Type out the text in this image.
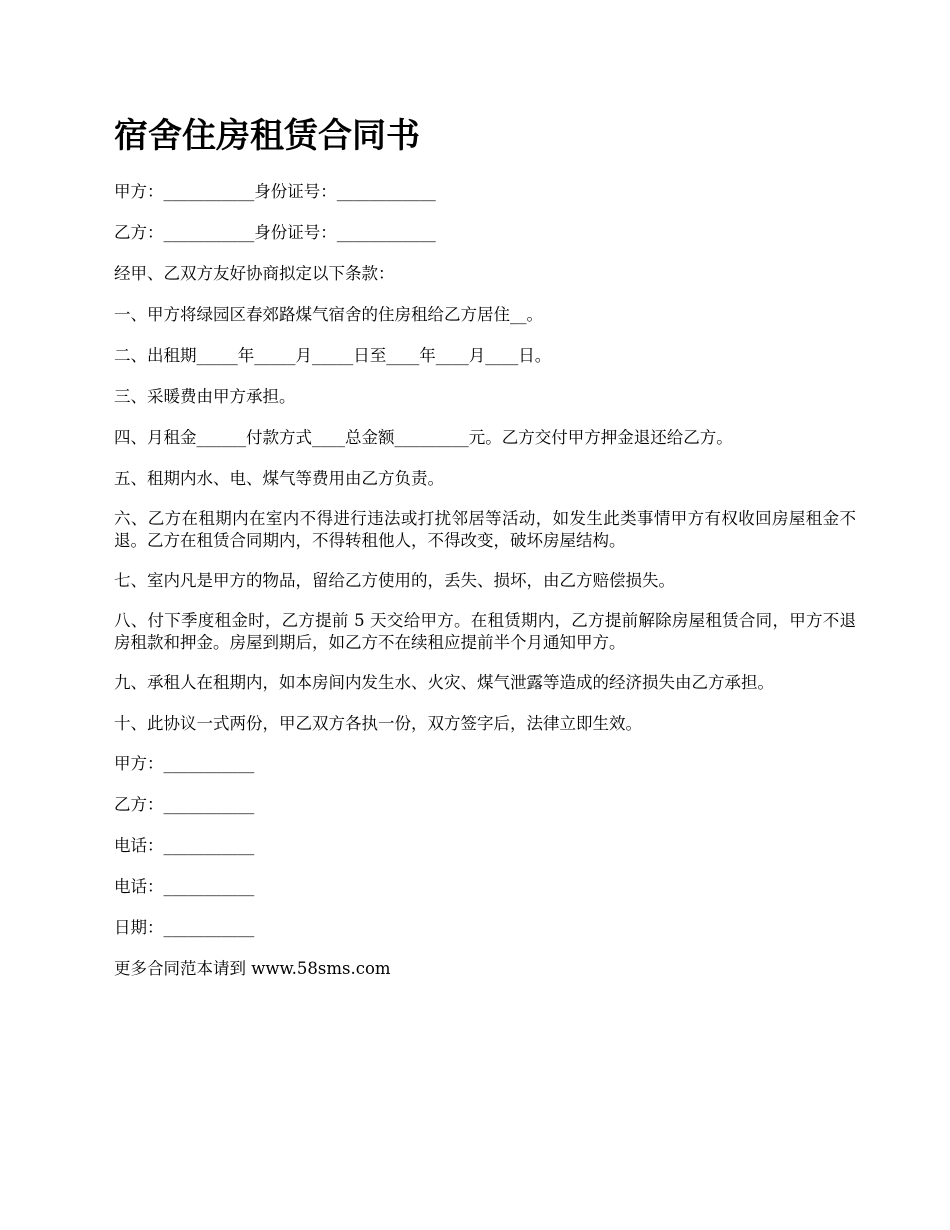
宿舍住房租赁合同书

甲方：___________身份证号：____________

乙方：___________身份证号：____________

经甲、乙双方友好协商拟定以下条款：

一、甲方将绿园区春郊路煤气宿舍的住房租给乙方居住__。

二、出租期_____年_____月_____日至____年____月____日。

三、采暖费由甲方承担。

四、月租金______付款方式____总金额_________元。乙方交付甲方押金退还给乙方。

五、租期内水、电、煤气等费用由乙方负责。

六、乙方在租期内在室内不得进行违法或打扰邻居等活动，如发生此类事情甲方有权收回房屋租金不退。乙方在租赁合同期内，不得转租他人，不得改变，破坏房屋结构。

七、室内凡是甲方的物品，留给乙方使用的，丢失、损坏，由乙方赔偿损失。

八、付下季度租金时，乙方提前 5 天交给甲方。在租赁期内，乙方提前解除房屋租赁合同，甲方不退房租款和押金。房屋到期后，如乙方不在续租应提前半个月通知甲方。

九、承租人在租期内，如本房间内发生水、火灾、煤气泄露等造成的经济损失由乙方承担。

十、此协议一式两份，甲乙双方各执一份，双方签字后，法律立即生效。

甲方：___________

乙方：___________

电话：___________

电话：___________

日期：___________

更多合同范本请到 www.58sms.com
